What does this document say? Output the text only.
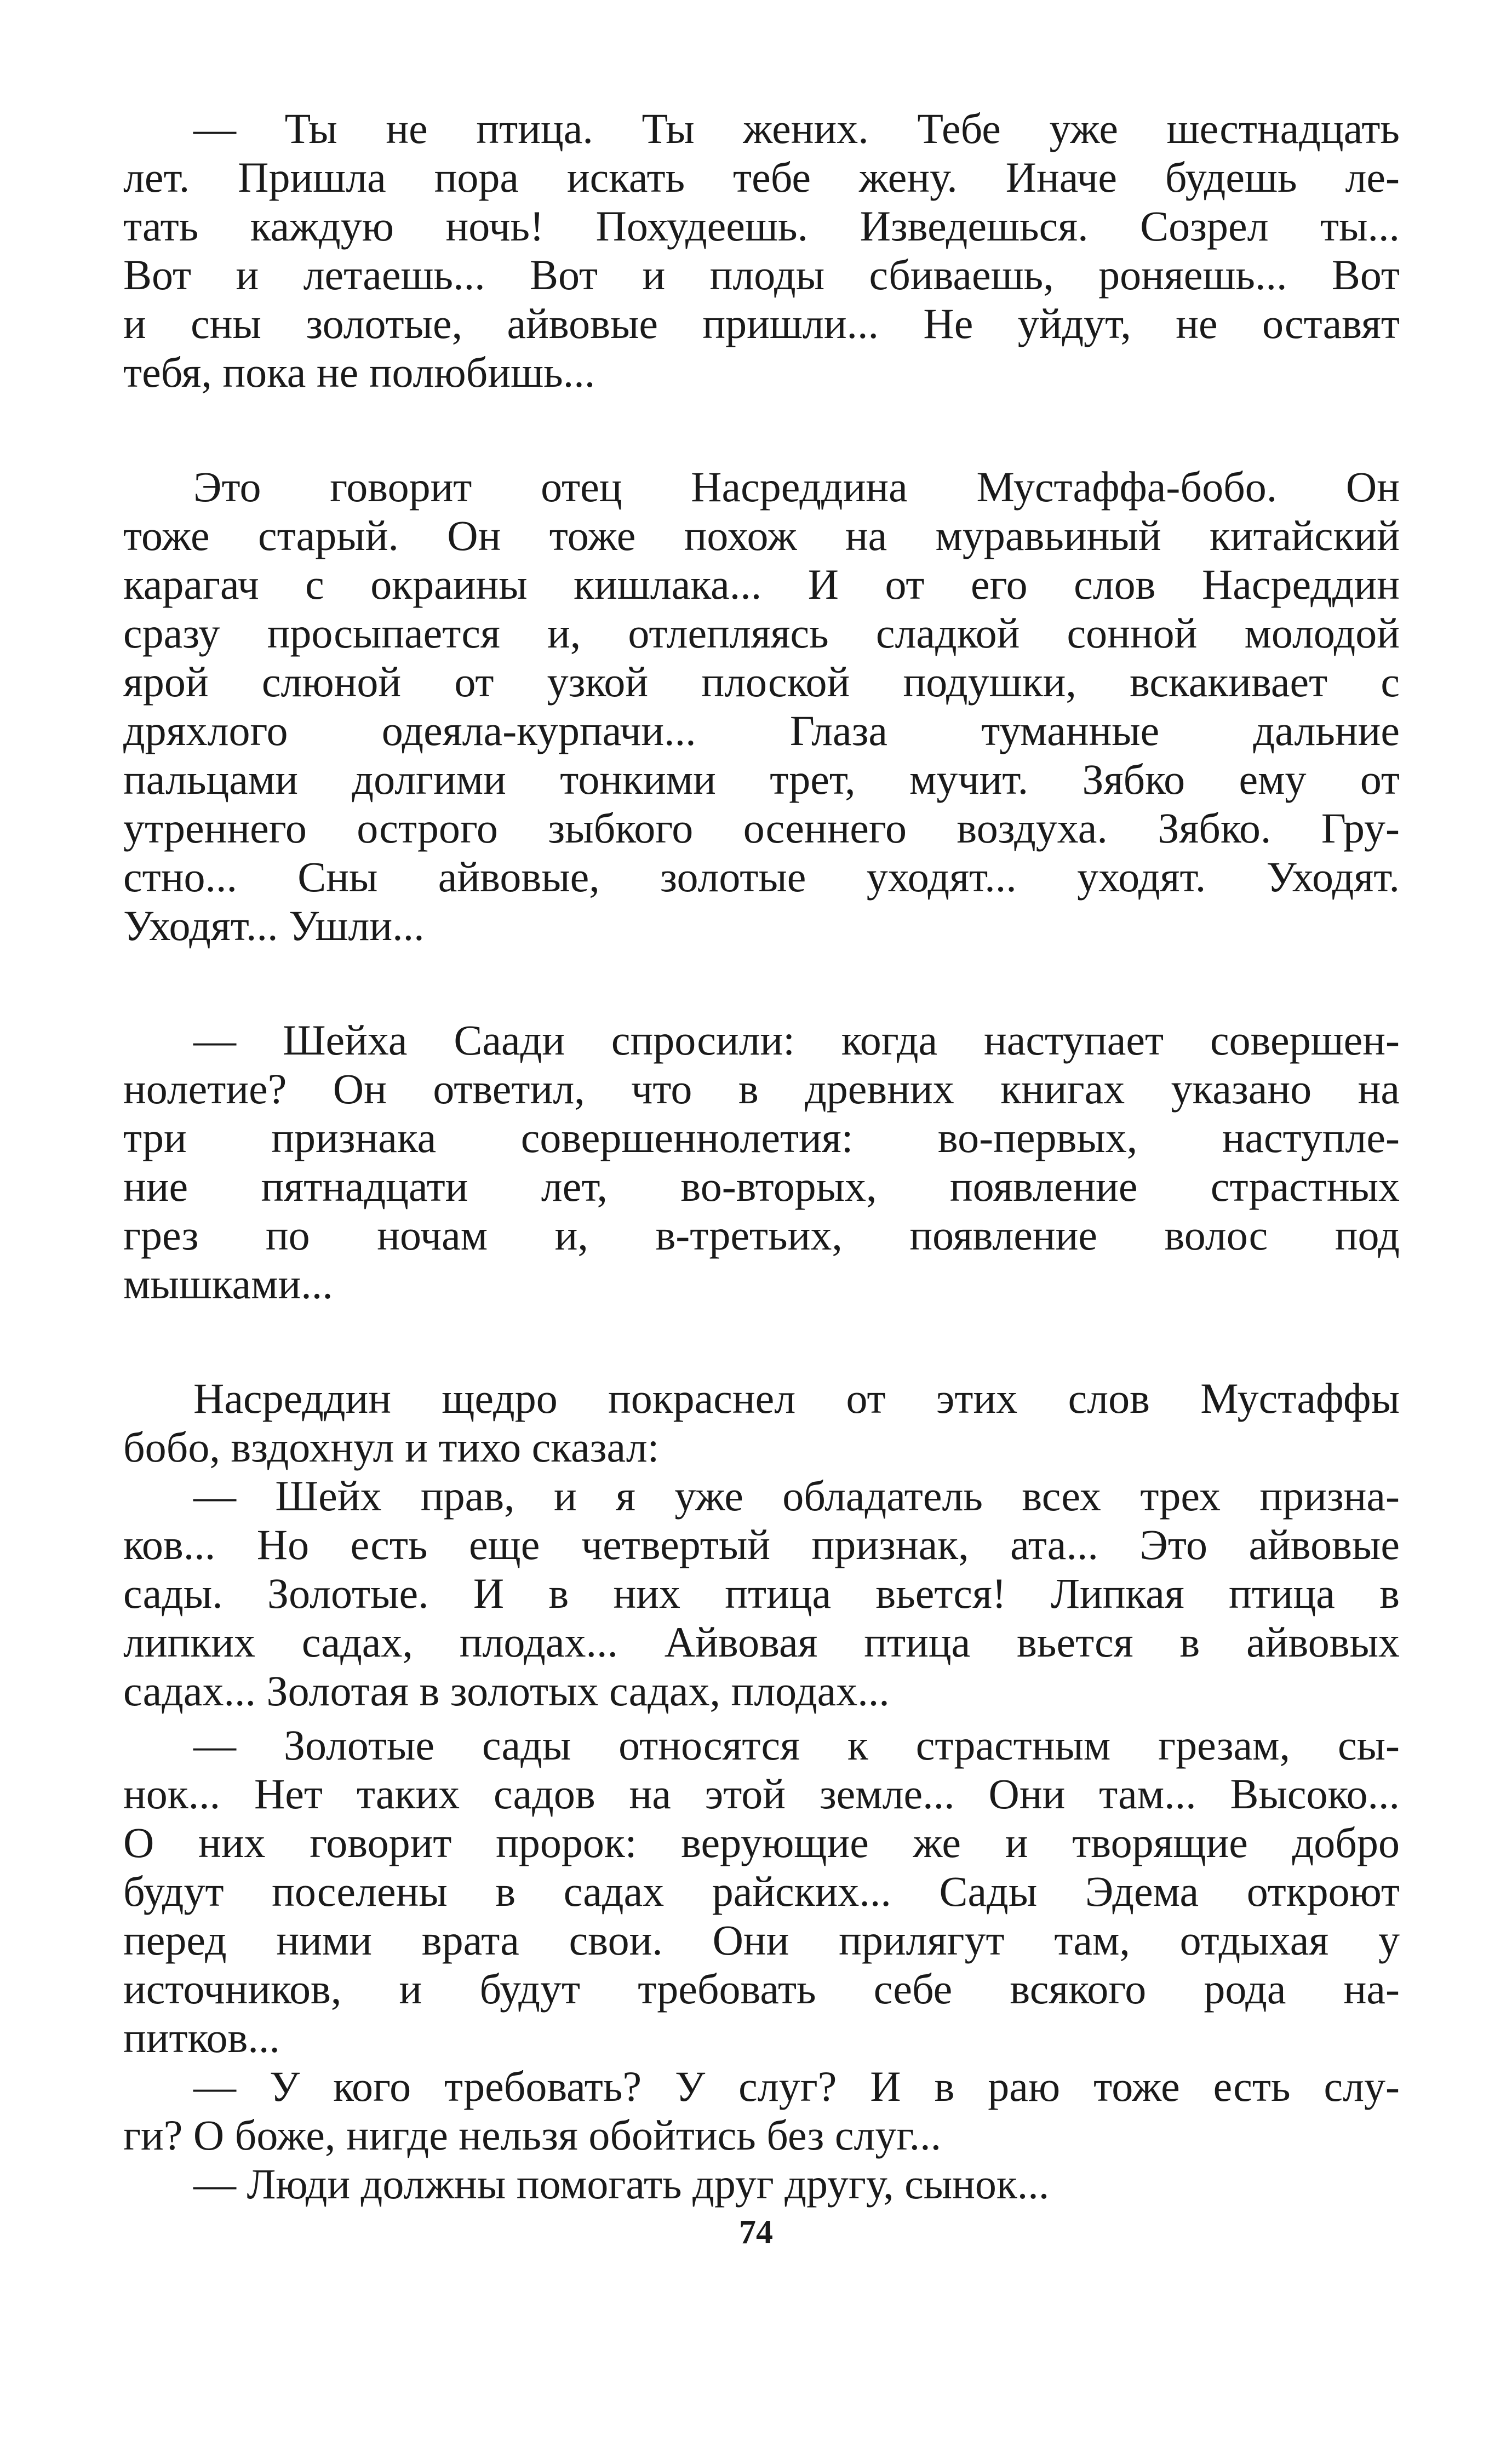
— Ты не птица. Ты жених. Тебе уже шестнадцать
лет. Пришла пора искать тебе жену. Иначе будешь ле-
тать каждую ночь! Похудеешь. Изведешься. Созрел ты...
Вот и летаешь... Вот и плоды сбиваешь, роняешь... Вот
и сны золотые, айвовые пришли... Не уйдут, не оставят
тебя, пока не полюбишь...
Это говорит отец Насреддина Мустаффа-бобо. Он
тоже старый. Он тоже похож на муравьиный китайский
карагач с окраины кишлака... И от его слов Насреддин
сразу просыпается и, отлепляясь сладкой сонной молодой
ярой слюной от узкой плоской подушки, вскакивает с
дряхлого одеяла-курпачи... Глаза туманные дальние
пальцами долгими тонкими трет, мучит. Зябко ему от
утреннего острого зыбкого осеннего воздуха. Зябко. Гру-
стно... Сны айвовые, золотые уходят... уходят. Уходят.
Уходят... Ушли...
— Шейха Саади спросили: когда наступает совершен-
нолетие? Он ответил, что в древних книгах указано на
три признака совершеннолетия: во-первых, наступле-
ние пятнадцати лет, во-вторых, появление страстных
грез по ночам и, в-третьих, появление волос под
мышками...
Насреддин щедро покраснел от этих слов Мустаффы
бобо, вздохнул и тихо сказал:
— Шейх прав, и я уже обладатель всех трех призна-
ков... Но есть еще четвертый признак, ата... Это айвовые
сады. Золотые. И в них птица вьется! Липкая птица в
липких садах, плодах... Айвовая птица вьется в айвовых
садах... Золотая в золотых садах, плодах...
— Золотые сады относятся к страстным грезам, сы-
нок... Нет таких садов на этой земле... Они там... Высоко...
О них говорит пророк: верующие же и творящие добро
будут поселены в садах райских... Сады Эдема откроют
перед ними врата свои. Они прилягут там, отдыхая у
источников, и будут требовать себе всякого рода на-
питков...
— У кого требовать? У слуг? И в раю тоже есть слу-
ги? О боже, нигде нельзя обойтись без слуг...
— Люди должны помогать друг другу, сынок...
74
